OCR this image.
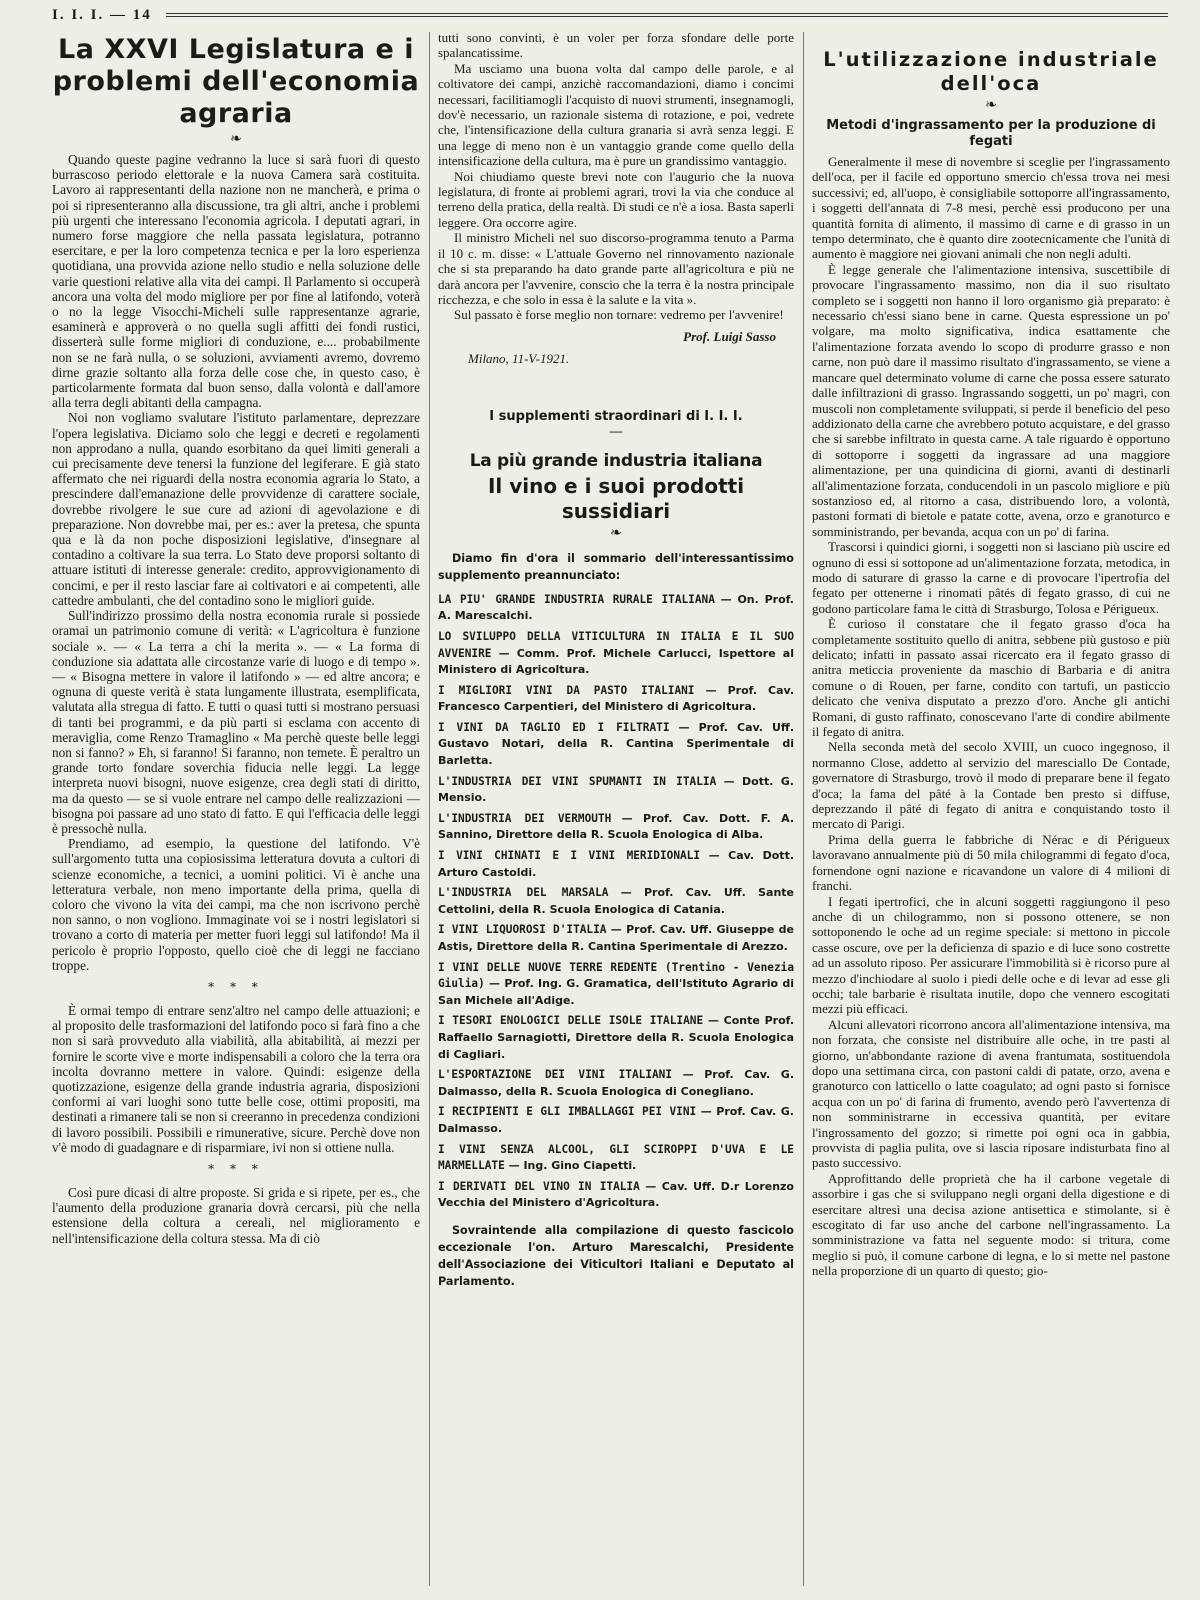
I. I. I. — 14
La XXVI Legislatura e i problemi dell'economia agraria
❧

Quando queste pagine vedranno la luce si sarà fuori di questo burrascoso periodo elettorale e la nuova Camera sarà costituita. Lavoro ai rappresentanti della nazione non ne mancherà, e prima o poi si ripresenteranno alla discussione, tra gli altri, anche i problemi più urgenti che interessano l'economia agricola. I deputati agrari, in numero forse maggiore che nella passata legislatura, potranno esercitare, e per la loro competenza tecnica e per la loro esperienza quotidiana, una provvida azione nello studio e nella soluzione delle varie questioni relative alla vita dei campi. Il Parlamento si occuperà ancora una volta del modo migliore per por fine al latifondo, voterà o no la legge Visocchi-Micheli sulle rappresentanze agrarie, esaminerà e approverà o no quella sugli affitti dei fondi rustici, disserterà sulle forme migliori di conduzione, e.... probabilmente non se ne farà nulla, o se soluzioni, avviamenti avremo, dovremo dirne grazie soltanto alla forza delle cose che, in questo caso, è particolarmente formata dal buon senso, dalla volontà e dall'amore alla terra degli abitanti della campagna.

Noi non vogliamo svalutare l'istituto parlamentare, deprezzare l'opera legislativa. Diciamo solo che leggi e decreti e regolamenti non approdano a nulla, quando esorbitano da quei limiti generali a cui precisamente deve tenersi la funzione del legiferare. E già stato affermato che nei riguardi della nostra economia agraria lo Stato, a prescindere dall'emanazione delle provvidenze di carattere sociale, dovrebbe rivolgere le sue cure ad azioni di agevolazione e di preparazione. Non dovrebbe mai, per es.: aver la pretesa, che spunta qua e là da non poche disposizioni legislative, d'insegnare al contadino a coltivare la sua terra. Lo Stato deve proporsi soltanto di attuare istituti di interesse generale: credito, approvvigionamento di concimi, e per il resto lasciar fare ai coltivatori e ai competenti, alle cattedre ambulanti, che del contadino sono le migliori guide.

Sull'indirizzo prossimo della nostra economia rurale si possiede oramai un patrimonio comune di verità: « L'agricoltura è funzione sociale ». — « La terra a chi la merita ». — « La forma di conduzione sia adattata alle circostanze varie di luogo e di tempo ». — « Bisogna mettere in valore il latifondo » — ed altre ancora; e ognuna di queste verità è stata lungamente illustrata, esemplificata, valutata alla stregua di fatto. E tutti o quasi tutti si mostrano persuasi di tanti bei programmi, e da più parti si esclama con accento di meraviglia, come Renzo Tramaglino « Ma perchè queste belle leggi non si fanno? » Eh, si faranno! Si faranno, non temete. È peraltro un grande torto fondare soverchia fiducia nelle leggi. La legge interpreta nuovi bisogni, nuove esigenze, crea degli stati di diritto, ma da questo — se si vuole entrare nel campo delle realizzazioni — bisogna poi passare ad uno stato di fatto. E qui l'efficacia delle leggi è pressochè nulla.

Prendiamo, ad esempio, la questione del latifondo. V'è sull'argomento tutta una copiosissima letteratura dovuta a cultori di scienze economiche, a tecnici, a uomini politici. Vi è anche una letteratura verbale, non meno importante della prima, quella di coloro che vivono la vita dei campi, ma che non iscrivono perchè non sanno, o non vogliono. Immaginate voi se i nostri legislatori si trovano a corto di materia per metter fuori leggi sul latifondo! Ma il pericolo è proprio l'opposto, quello cioè che di leggi ne facciano troppe.

* * *

È ormai tempo di entrare senz'altro nel campo delle attuazioni; e al proposito delle trasformazioni del latifondo poco si farà fino a che non si sarà provveduto alla viabilità, alla abitabilità, ai mezzi per fornire le scorte vive e morte indispensabili a coloro che la terra ora incolta dovranno mettere in valore. Quindi: esigenze della quotizzazione, esigenze della grande industria agraria, disposizioni conformi ai vari luoghi sono tutte belle cose, ottimi propositi, ma destinati a rimanere tali se non si creeranno in precedenza condizioni di lavoro possibili. Possibili e rimunerative, sicure. Perchè dove non v'è modo di guadagnare e di risparmiare, ivi non si ottiene nulla.

* * *

Così pure dicasi di altre proposte. Si grida e si ripete, per es., che l'aumento della produzione granaria dovrà cercarsi, più che nella estensione della coltura a cereali, nel miglioramento e nell'intensificazione della coltura stessa. Ma di ciò

tutti sono convinti, è un voler per forza sfondare delle porte spalancatissime.

Ma usciamo una buona volta dal campo delle parole, e al coltivatore dei campi, anzichè raccomandazioni, diamo i concimi necessari, facilitiamogli l'acquisto di nuovi strumenti, insegnamogli, dov'è necessario, un razionale sistema di rotazione, e poi, vedrete che, l'intensificazione della cultura granaria si avrà senza leggi. E una legge di meno non è un vantaggio grande come quello della intensificazione della cultura, ma è pure un grandissimo vantaggio.

Noi chiudiamo queste brevi note con l'augurio che la nuova legislatura, di fronte ai problemi agrari, trovi la via che conduce al terreno della pratica, della realtà. Di studi ce n'è a iosa. Basta saperli leggere. Ora occorre agire.

Il ministro Micheli nel suo discorso-programma tenuto a Parma il 10 c. m. disse: « L'attuale Governo nel rinnovamento nazionale che si sta preparando ha dato grande parte all'agricoltura e più ne darà ancora per l'avvenire, conscio che la terra è la nostra principale ricchezza, e che solo in essa è la salute e la vita ».

Sul passato è forse meglio non tornare: vedremo per l'avvenire!

Prof. Luigi Sasso
Milano, 11-V-1921.
I supplementi straordinari di I. I. I.
—
La più grande industria italiana
Il vino e i suoi prodotti sussidiari
❧
Diamo fin d'ora il sommario dell'interessantissimo supplemento preannunciato:
LA PIU' GRANDE INDUSTRIA RURALE ITALIANA — On. Prof. A. Marescalchi.
LO SVILUPPO DELLA VITICULTURA IN ITALIA E IL SUO AVVENIRE — Comm. Prof. Michele Carlucci, Ispettore al Ministero di Agricoltura.
I MIGLIORI VINI DA PASTO ITALIANI — Prof. Cav. Francesco Carpentieri, del Ministero di Agricoltura.
I VINI DA TAGLIO ED I FILTRATI — Prof. Cav. Uff. Gustavo Notari, della R. Cantina Sperimentale di Barletta.
L'INDUSTRIA DEI VINI SPUMANTI IN ITALIA — Dott. G. Mensio.
L'INDUSTRIA DEI VERMOUTH — Prof. Cav. Dott. F. A. Sannino, Direttore della R. Scuola Enologica di Alba.
I VINI CHINATI E I VINI MERIDIONALI — Cav. Dott. Arturo Castoldi.
L'INDUSTRIA DEL MARSALA — Prof. Cav. Uff. Sante Cettolini, della R. Scuola Enologica di Catania.
I VINI LIQUOROSI D'ITALIA — Prof. Cav. Uff. Giuseppe de Astis, Direttore della R. Cantina Sperimentale di Arezzo.
I VINI DELLE NUOVE TERRE REDENTE (Trentino - Venezia Giulia) — Prof. Ing. G. Gramatica, dell'Istituto Agrario di San Michele all'Adige.
I TESORI ENOLOGICI DELLE ISOLE ITALIANE — Conte Prof. Raffaello Sarnagiotti, Direttore della R. Scuola Enologica di Cagliari.
L'ESPORTAZIONE DEI VINI ITALIANI — Prof. Cav. G. Dalmasso, della R. Scuola Enologica di Conegliano.
I RECIPIENTI E GLI IMBALLAGGI PEI VINI — Prof. Cav. G. Dalmasso.
I VINI SENZA ALCOOL, GLI SCIROPPI D'UVA E LE MARMELLATE — Ing. Gino Ciapetti.
I DERIVATI DEL VINO IN ITALIA — Cav. Uff. D.r Lorenzo Vecchia del Ministero d'Agricoltura.
Sovraintende alla compilazione di questo fascicolo eccezionale l'on. Arturo Marescalchi, Presidente dell'Associazione dei Viticultori Italiani e Deputato al Parlamento.
L'utilizzazione industriale dell'oca
❧
Metodi d'ingrassamento per la produzione di fegati

Generalmente il mese di novembre si sceglie per l'ingrassamento dell'oca, per il facile ed opportuno smercio ch'essa trova nei mesi successivi; ed, all'uopo, è consigliabile sottoporre all'ingrassamento, i soggetti dell'annata di 7-8 mesi, perchè essi producono per una quantità fornita di alimento, il massimo di carne e di grasso in un tempo determinato, che è quanto dire zootecnicamente che l'unità di aumento è maggiore nei giovani animali che non negli adulti.

È legge generale che l'alimentazione intensiva, suscettibile di provocare l'ingrassamento massimo, non dia il suo risultato completo se i soggetti non hanno il loro organismo già preparato: è necessario ch'essi siano bene in carne. Questa espressione un po' volgare, ma molto significativa, indica esattamente che l'alimentazione forzata avendo lo scopo di produrre grasso e non carne, non può dare il massimo risultato d'ingrassamento, se viene a mancare quel determinato volume di carne che possa essere saturato dalle infiltrazioni di grasso. Ingrassando soggetti, un po' magri, con muscoli non completamente sviluppati, si perde il beneficio del peso addizionato della carne che avrebbero potuto acquistare, e del grasso che si sarebbe infiltrato in questa carne. A tale riguardo è opportuno di sottoporre i soggetti da ingrassare ad una maggiore alimentazione, per una quindicina di giorni, avanti di destinarli all'alimentazione forzata, conducendoli in un pascolo migliore e più sostanzioso ed, al ritorno a casa, distribuendo loro, a volontà, pastoni formati di bietole e patate cotte, avena, orzo e granoturco e somministrando, per bevanda, acqua con un po' di farina.

Trascorsi i quindici giorni, i soggetti non si lasciano più uscire ed ognuno di essi si sottopone ad un'alimentazione forzata, metodica, in modo di saturare di grasso la carne e di provocare l'ipertrofia del fegato per ottenerne i rinomati pâtés di fegato grasso, di cui ne godono particolare fama le città di Strasburgo, Tolosa e Périgueux.

È curioso il constatare che il fegato grasso d'oca ha completamente sostituito quello di anitra, sebbene più gustoso e più delicato; infatti in passato assai ricercato era il fegato grasso di anitra meticcia proveniente da maschio di Barbaria e di anitra comune o di Rouen, per farne, condito con tartufi, un pasticcio delicato che veniva disputato a prezzo d'oro. Anche gli antichi Romani, di gusto raffinato, conoscevano l'arte di condire abilmente il fegato di anitra.

Nella seconda metà del secolo XVIII, un cuoco ingegnoso, il normanno Close, addetto al servizio del maresciallo De Contade, governatore di Strasburgo, trovò il modo di preparare bene il fegato d'oca; la fama del pâté à la Contade ben presto si diffuse, deprezzando il pâté di fegato di anitra e conquistando tosto il mercato di Parigi.

Prima della guerra le fabbriche di Nérac e di Périgueux lavoravano annualmente più di 50 mila chilogrammi di fegato d'oca, fornendone ogni nazione e ricavandone un valore di 4 milioni di franchi.

I fegati ipertrofici, che in alcuni soggetti raggiungono il peso anche di un chilogrammo, non si possono ottenere, se non sottoponendo le oche ad un regime speciale: si mettono in piccole casse oscure, ove per la deficienza di spazio e di luce sono costrette ad un assoluto riposo. Per assicurare l'immobilità si è ricorso pure al mezzo d'inchiodare al suolo i piedi delle oche e di levar ad esse gli occhi; tale barbarie è risultata inutile, dopo che vennero escogitati mezzi più efficaci.

Alcuni allevatori ricorrono ancora all'alimentazione intensiva, ma non forzata, che consiste nel distribuire alle oche, in tre pasti al giorno, un'abbondante razione di avena frantumata, sostituendola dopo una settimana circa, con pastoni caldi di patate, orzo, avena e granoturco con latticello o latte coagulato; ad ogni pasto si fornisce acqua con un po' di farina di frumento, avendo però l'avvertenza di non somministrarne in eccessiva quantità, per evitare l'ingrossamento del gozzo; si rimette poi ogni oca in gabbia, provvista di paglia pulita, ove si lascia riposare indisturbata fino al pasto successivo.

Approfittando delle proprietà che ha il carbone vegetale di assorbire i gas che si sviluppano negli organi della digestione e di esercitare altresì una decisa azione antisettica e stimolante, si è escogitato di far uso anche del carbone nell'ingrassamento. La somministrazione va fatta nel seguente modo: si tritura, come meglio si può, il comune carbone di legna, e lo si mette nel pastone nella proporzione di un quarto di questo; gio-
